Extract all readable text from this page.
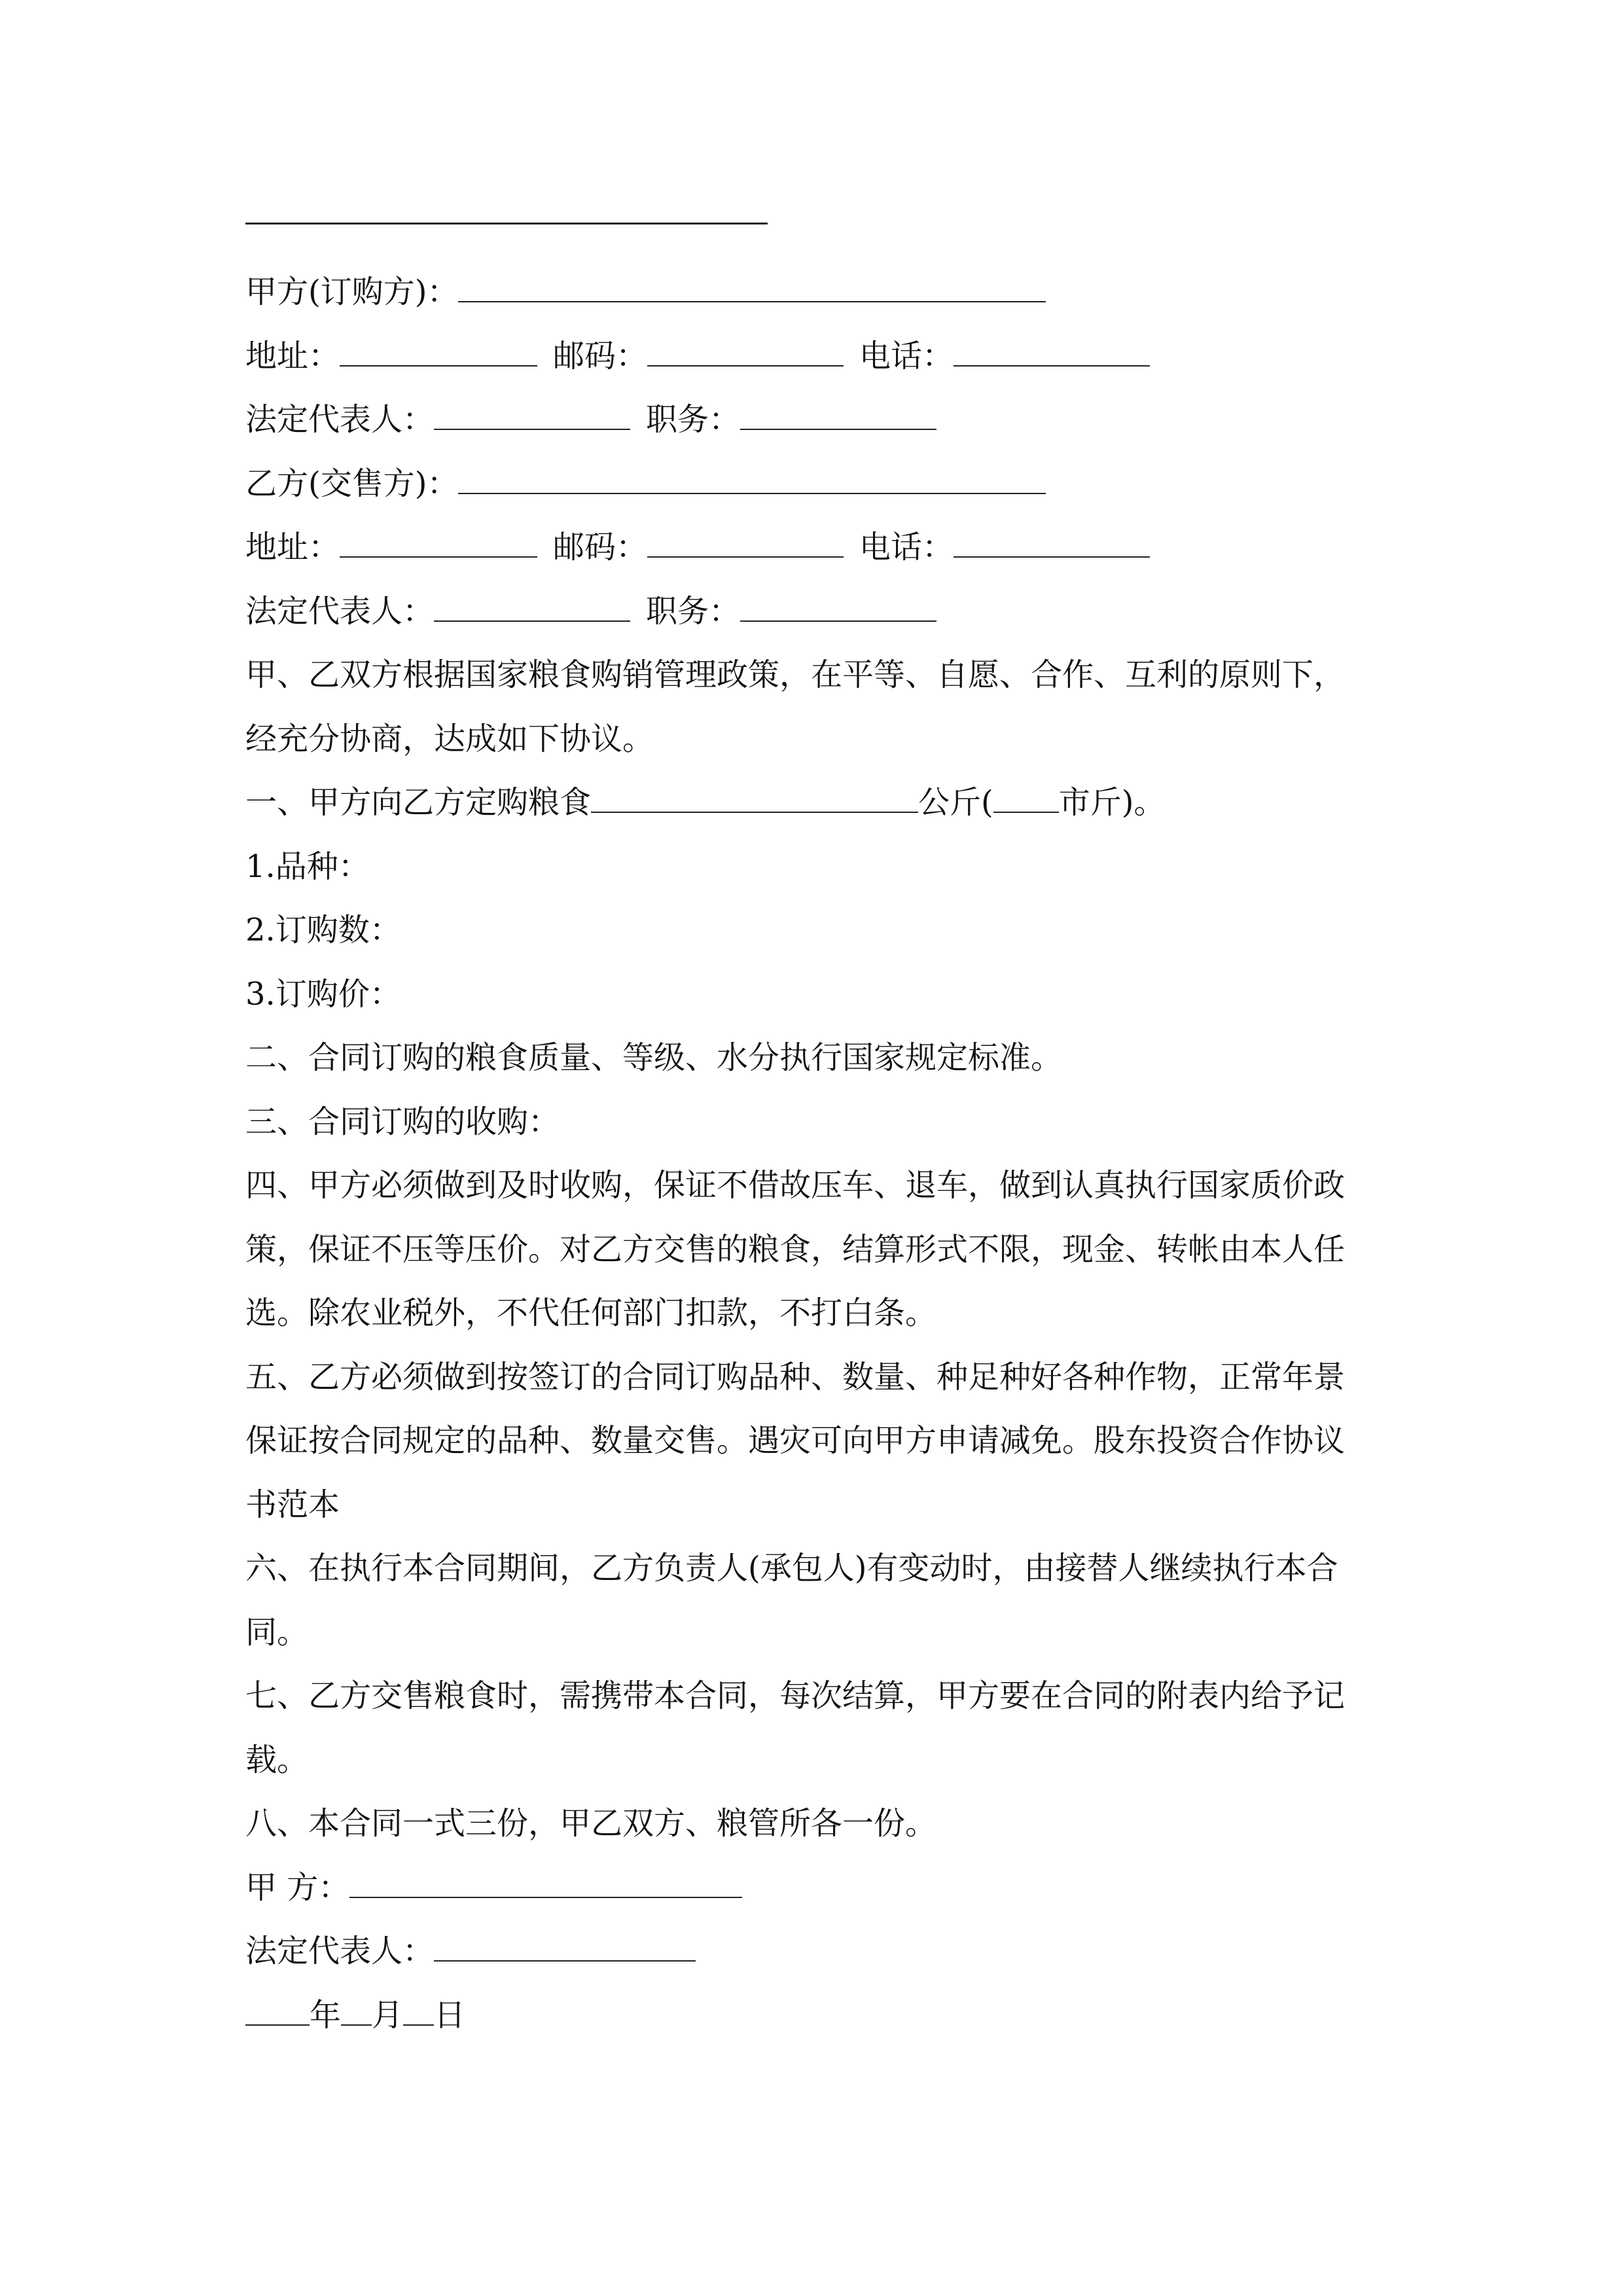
甲方(订购方)：
地址：	邮码：	电话：
法定代表人：	职务：
乙方(交售方)：
地址：	邮码：	电话：
法定代表人：	职务：
甲、乙双方根据国家粮食购销管理政策，在平等、自愿、合作、互利的原则下，
经充分协商，达成如下协议。
一、甲方向乙方定购粮食	公斤( 市斤)。
1.品种：
2.订购数：
3.订购价：
二、合同订购的粮食质量、等级、水分执行国家规定标准。
三、合同订购的收购：
四、甲方必须做到及时收购，保证不借故压车、退车，做到认真执行国家质价政
策，保证不压等压价。对乙方交售的粮食，结算形式不限，现金、转帐由本人任
选。除农业税外，不代任何部门扣款，不打白条。
五、乙方必须做到按签订的合同订购品种、数量、种足种好各种作物，正常年景
保证按合同规定的品种、数量交售。遇灾可向甲方申请减免。股东投资合作协议
书范本
六、在执行本合同期间，乙方负责人(承包人)有变动时，由接替人继续执行本合
同。
七、乙方交售粮食时，需携带本合同，每次结算，甲方要在合同的附表内给予记
载。
八、本合同一式三份，甲乙双方、粮管所各一份。
甲 方：
法定代表人：
年 月 日
